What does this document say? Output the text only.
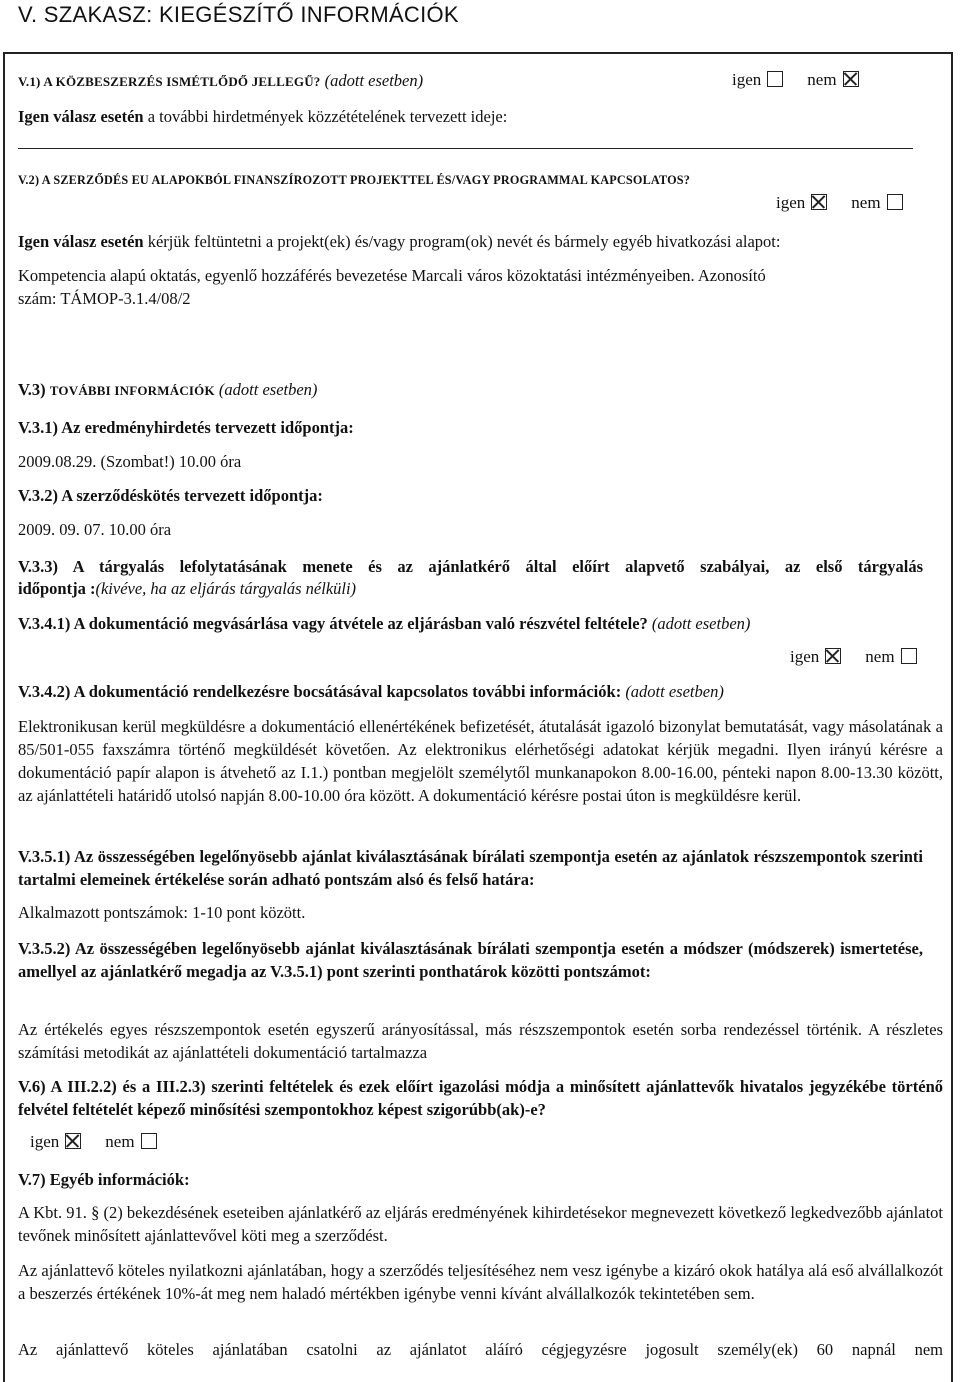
V. SZAKASZ: KIEGÉSZÍTŐ INFORMÁCIÓK
V.1) A KÖZBESZERZÉS ISMÉTLŐDŐ JELLEGŰ? (adott esetben)	igen	nem
Igen válasz esetén a további hirdetmények közzétételének tervezett ideje:
V.2) A SZERZŐDÉS EU ALAPOKBÓL FINANSZÍROZOTT PROJEKTTEL ÉS/VAGY PROGRAMMAL KAPCSOLATOS?
igen	nem
Igen válasz esetén kérjük feltüntetni a projekt(ek) és/vagy program(ok) nevét és bármely egyéb hivatkozási alapot:
Kompetencia alapú oktatás, egyenlő hozzáférés bevezetése Marcali város közoktatási intézményeiben. Azonosító
szám: TÁMOP-3.1.4/08/2
V.3) TOVÁBBI INFORMÁCIÓK (adott esetben)
V.3.1) Az eredményhirdetés tervezett időpontja:
2009.08.29. (Szombat!) 10.00 óra
V.3.2) A szerződéskötés tervezett időpontja:
2009. 09. 07. 10.00 óra
V.3.3) A tárgyalás lefolytatásának menete és az ajánlatkérő által előírt alapvető szabályai, az első tárgyalás
időpontja :(kivéve, ha az eljárás tárgyalás nélküli)
V.3.4.1) A dokumentáció megvásárlása vagy átvétele az eljárásban való részvétel feltétele? (adott esetben)
igen	nem
V.3.4.2) A dokumentáció rendelkezésre bocsátásával kapcsolatos további információk: (adott esetben)
Elektronikusan kerül megküldésre a dokumentáció ellenértékének befizetését, átutalását igazoló bizonylat bemutatását, vagy másolatának a 85/501-055 faxszámra történő megküldését követően. Az elektronikus elérhetőségi adatokat kérjük megadni. Ilyen irányú kérésre a dokumentáció papír alapon is átvehető az I.1.) pontban megjelölt személytől munkanapokon 8.00-16.00, pénteki napon 8.00-13.30 között, az ajánlattételi határidő utolsó napján 8.00-10.00 óra között. A dokumentáció kérésre postai úton is megküldésre kerül.
V.3.5.1) Az összességében legelőnyösebb ajánlat kiválasztásának bírálati szempontja esetén az ajánlatok részszempontok szerinti tartalmi elemeinek értékelése során adható pontszám alsó és felső határa:
Alkalmazott pontszámok: 1-10 pont között.
V.3.5.2) Az összességében legelőnyösebb ajánlat kiválasztásának bírálati szempontja esetén a módszer (módszerek) ismertetése, amellyel az ajánlatkérő megadja az V.3.5.1) pont szerinti ponthatárok közötti pontszámot:
Az értékelés egyes részszempontok esetén egyszerű arányosítással, más részszempontok esetén sorba rendezéssel történik. A részletes számítási metodikát az ajánlattételi dokumentáció tartalmazza
V.6) A III.2.2) és a III.2.3) szerinti feltételek és ezek előírt igazolási módja a minősített ajánlattevők hivatalos jegyzékébe történő felvétel feltételét képező minősítési szempontokhoz képest szigorúbb(ak)-e?
igen	nem
V.7) Egyéb információk:
A Kbt. 91. § (2) bekezdésének eseteiben ajánlatkérő az eljárás eredményének kihirdetésekor megnevezett következő legkedvezőbb ajánlatot tevőnek minősített ajánlattevővel köti meg a szerződést.
Az ajánlattevő köteles nyilatkozni ajánlatában, hogy a szerződés teljesítéséhez nem vesz igénybe a kizáró okok hatálya alá eső alvállalkozót a beszerzés értékének 10%-át meg nem haladó mértékben igénybe venni kívánt alvállalkozók tekintetében sem.
Az ajánlattevő köteles ajánlatában csatolni az ajánlatot aláíró cégjegyzésre jogosult személy(ek) 60 napnál nem
